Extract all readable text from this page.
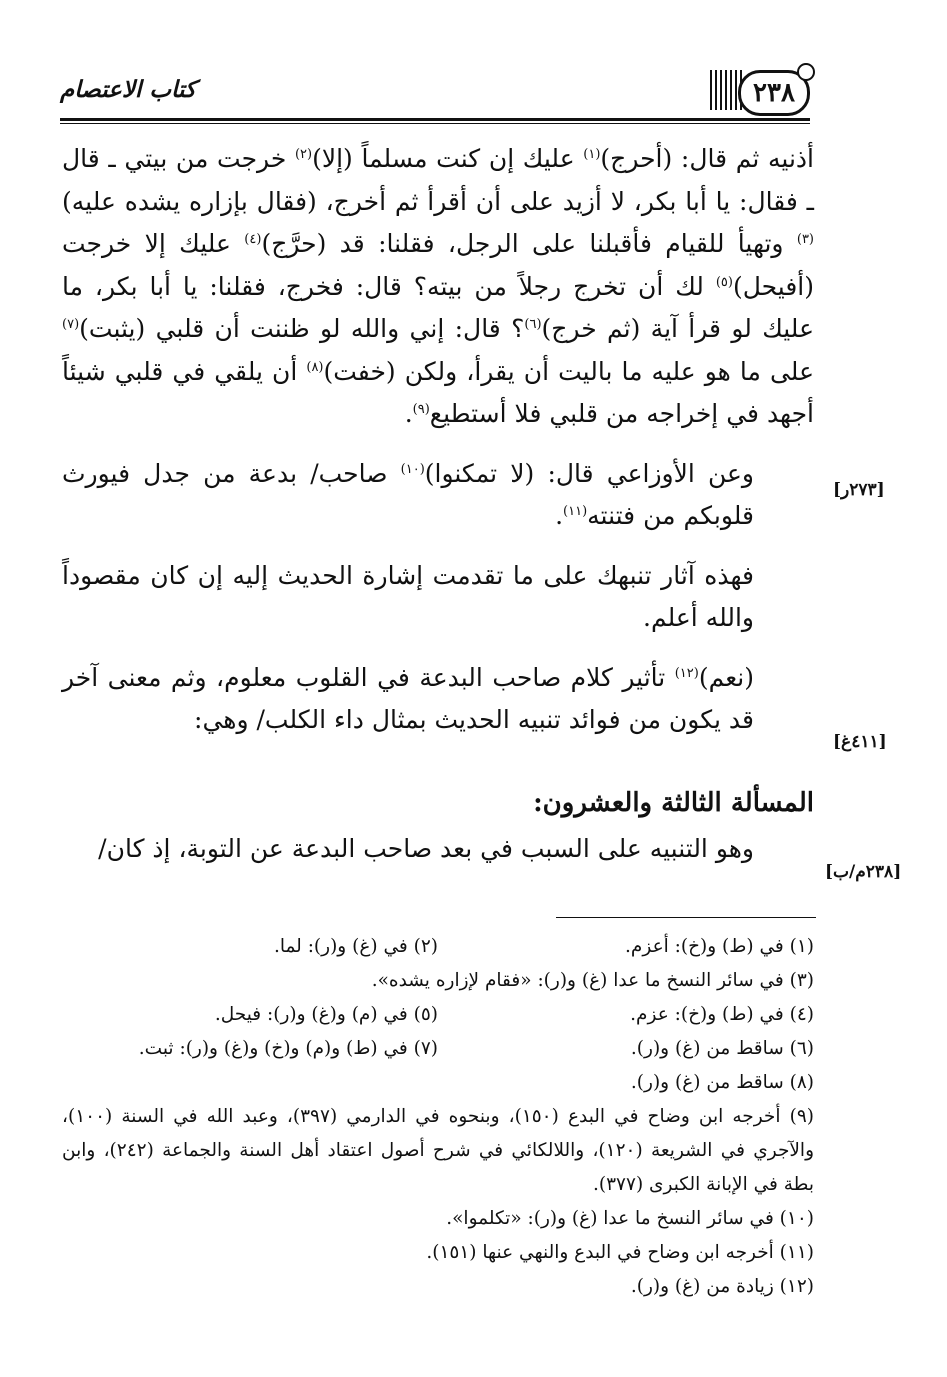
كتاب الاعتصام	٢٣٨

أذنيه ثم قال: (أحرج)$^{(١)}$ عليك إن كنت مسلماً (إلا)$^{(٢)}$ خرجت من بيتي ـ قال ـ فقال: يا أبا بكر، لا أزيد على أن أقرأ ثم أخرج، (فقال بإزاره يشده عليه)$^{(٣)}$ وتهيأ للقيام فأقبلنا على الرجل، فقلنا: قد (حرَّج)$^{(٤)}$ عليك إلا خرجت (أفيحل)$^{(٥)}$ لك أن تخرج رجلاً من بيته؟ قال: فخرج، فقلنا: يا أبا بكر، ما عليك لو قرأ آية (ثم خرج)$^{(٦)}$؟ قال: إني والله لو ظننت أن قلبي (يثبت)$^{(٧)}$ على ما هو عليه ما باليت أن يقرأ، ولكن (خفت)$^{(٨)}$ أن يلقي في قلبي شيئاً أجهد في إخراجه من قلبي فلا أستطيع$^{(٩)}$.

وعن الأوزاعي قال: (لا تمكنوا)$^{(١٠)}$ صاحب/ بدعة من جدل فيورث قلوبكم من فتنته$^{(١١)}$.

فهذه آثار تنبهك على ما تقدمت إشارة الحديث إليه إن كان مقصوداً والله أعلم.

(نعم)$^{(١٢)}$ تأثير كلام صاحب البدعة في القلوب معلوم، وثم معنى آخر قد يكون من فوائد تنبيه الحديث بمثال داء الكلب/ وهي:

المسألة الثالثة والعشرون:

وهو التنبيه على السبب في بعد صاحب البدعة عن التوبة، إذ كان/

[٢٧٣ر]
[٤١١غ]
[٢٣٨م/ب]
(١) في (ط) و(خ): أعزم.
(٢) في (غ) و(ر): لما.
(٣) في سائر النسخ ما عدا (غ) و(ر): «فقام لإزاره يشده».
(٤) في (ط) و(خ): عزم.
(٥) في (م) و(غ) و(ر): فيحل.
(٦) ساقط من (غ) و(ر).
(٧) في (ط) و(م) و(خ) و(غ) و(ر): ثبت.
(٨) ساقط من (غ) و(ر).
(٩) أخرجه ابن وضاح في البدع (١٥٠)، وبنحوه في الدارمي (٣٩٧)، وعبد الله في السنة (١٠٠)، والآجري في الشريعة (١٢٠)، واللالكائي في شرح أصول اعتقاد أهل السنة والجماعة (٢٤٢)، وابن بطة في الإبانة الكبرى (٣٧٧).
(١٠) في سائر النسخ ما عدا (غ) و(ر): «تكلموا».
(١١) أخرجه ابن وضاح في البدع والنهي عنها (١٥١).
(١٢) زيادة من (غ) و(ر).
